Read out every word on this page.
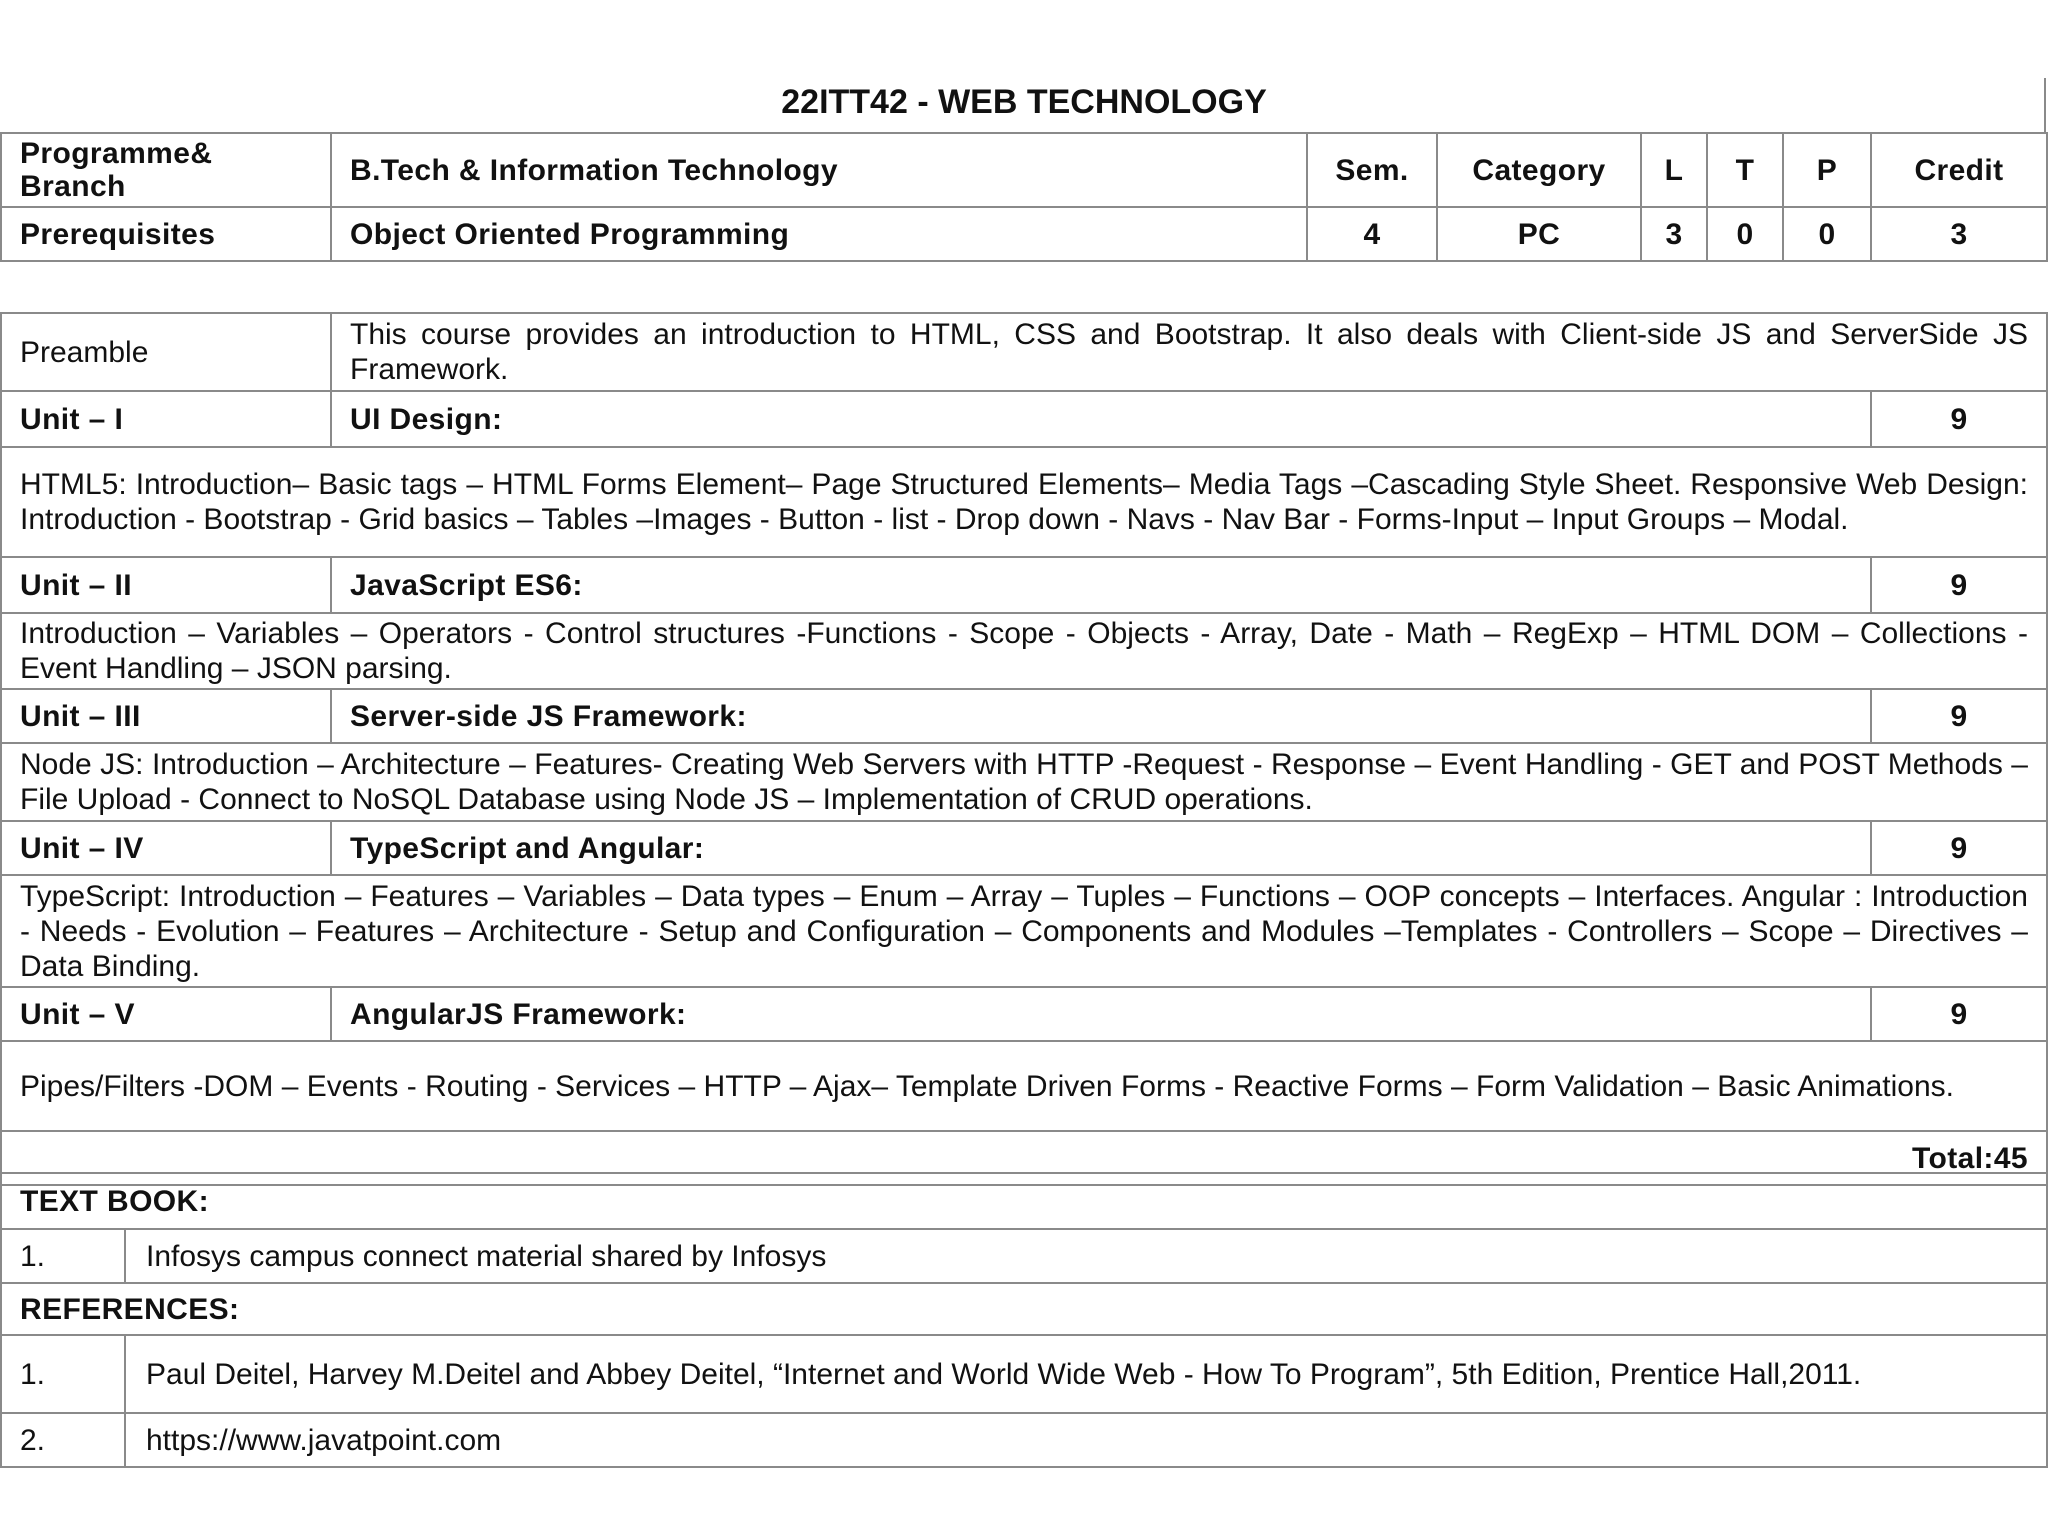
22ITT42 - WEB TECHNOLOGY
Programme&
Branch	B.Tech & Information Technology	Sem.	Category	L	T	P	Credit
Prerequisites	Object Oriented Programming	4	PC	3	0	0	3
Preamble	This course provides an introduction to HTML, CSS and Bootstrap. It also deals with Client-side JS and ServerSide JS Framework.	
Unit – I	UI Design:	9
HTML5: Introduction– Basic tags – HTML Forms Element– Page Structured Elements– Media Tags –Cascading Style Sheet. Responsive Web Design: Introduction - Bootstrap - Grid basics – Tables –Images - Button - list - Drop down - Navs - Nav Bar - Forms-Input – Input Groups – Modal.		
Unit – II	JavaScript ES6:	9
Introduction – Variables – Operators - Control structures -Functions - Scope - Objects - Array, Date - Math – RegExp – HTML DOM – Collections - Event Handling – JSON parsing.		
Unit – III	Server-side JS Framework:	9
Node JS: Introduction – Architecture – Features- Creating Web Servers with HTTP -Request - Response – Event Handling - GET and POST Methods –File Upload - Connect to NoSQL Database using Node JS – Implementation of CRUD operations.		
Unit – IV	TypeScript and Angular:	9
TypeScript: Introduction – Features – Variables – Data types – Enum – Array – Tuples – Functions – OOP concepts – Interfaces. Angular : Introduction - Needs - Evolution – Features – Architecture - Setup and Configuration – Components and Modules –Templates - Controllers – Scope – Directives – Data Binding.		
Unit – V	AngularJS Framework:	9
Pipes/Filters -DOM – Events - Routing - Services – HTTP – Ajax– Template Driven Forms - Reactive Forms – Form Validation – Basic Animations.		
Total:45		
TEXT BOOK:	
1.	Infosys campus connect material shared by Infosys
REFERENCES:	
1.	Paul Deitel, Harvey M.Deitel and Abbey Deitel, “Internet and World Wide Web - How To Program”, 5th Edition, Prentice Hall,2011.
2.	https://www.javatpoint.com
